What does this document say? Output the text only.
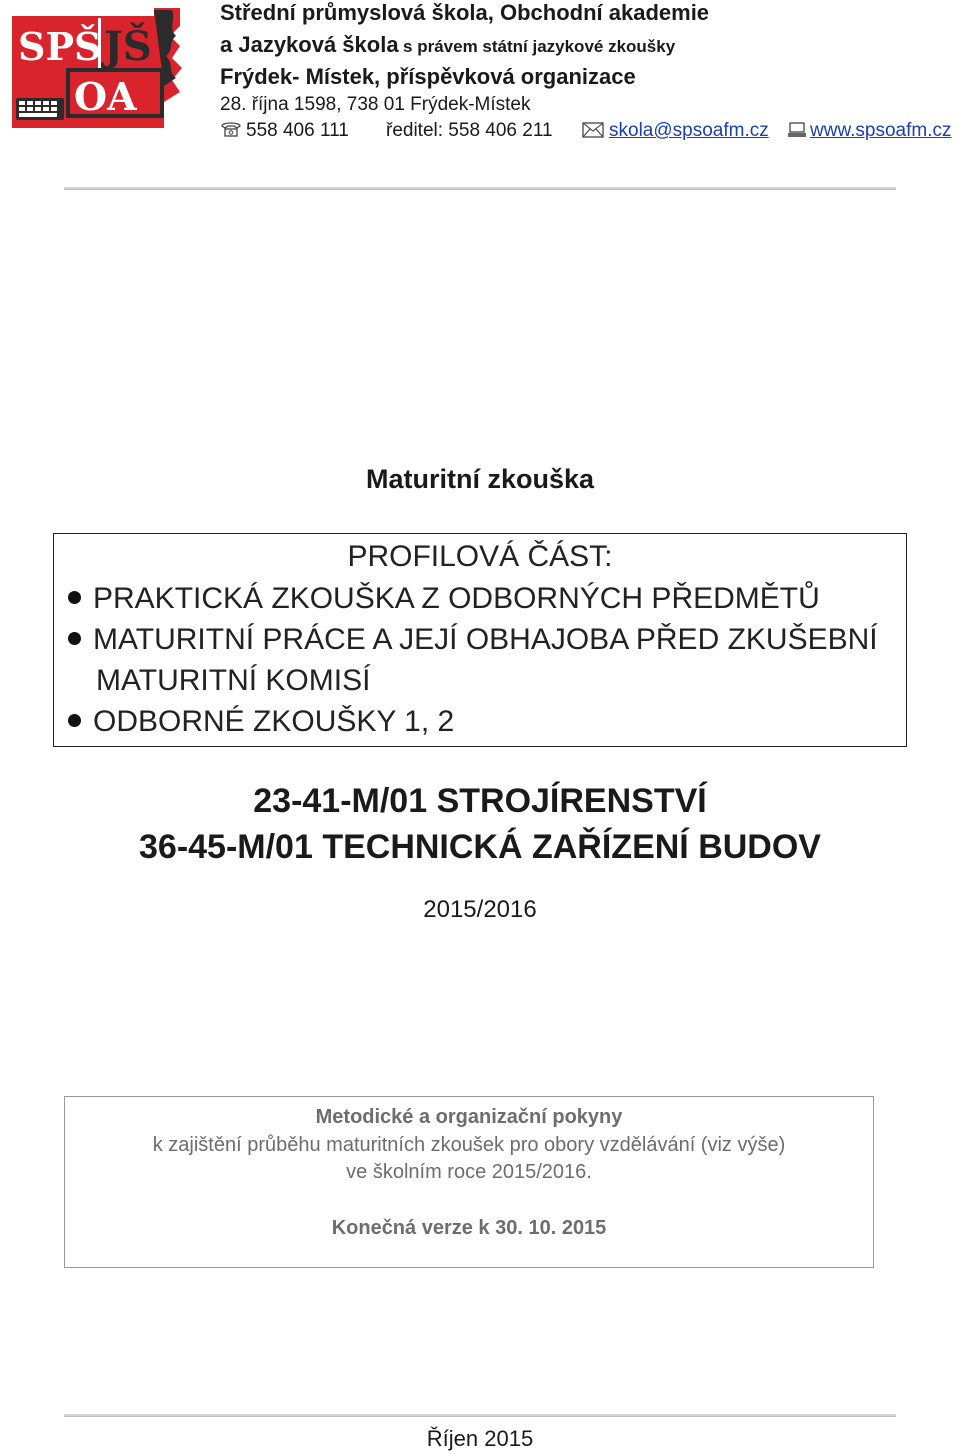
SPŠ JŠ
OA
Střední průmyslová škola, Obchodní akademie
a Jazyková škola s právem státní jazykové zkoušky
Frýdek- Místek, příspěvková organizace
28. října 1598, 738 01 Frýdek-Místek
558 406 111 ředitel: 558 406 211	skola@spsoafm.cz www.spsoafm.cz
Maturitní zkouška
PROFILOVÁ ČÁST:
PRAKTICKÁ ZKOUŠKA Z ODBORNÝCH PŘEDMĚTŮ
MATURITNÍ PRÁCE A JEJÍ OBHAJOBA PŘED ZKUŠEBNÍ
MATURITNÍ KOMISÍ
ODBORNÉ ZKOUŠKY 1, 2
23-41-M/01 STROJÍRENSTVÍ
36-45-M/01 TECHNICKÁ ZAŘÍZENÍ BUDOV
2015/2016
Metodické a organizační pokyny
k zajištění průběhu maturitních zkoušek pro obory vzdělávání (viz výše)
ve školním roce 2015/2016.
Konečná verze k 30. 10. 2015
Říjen 2015
